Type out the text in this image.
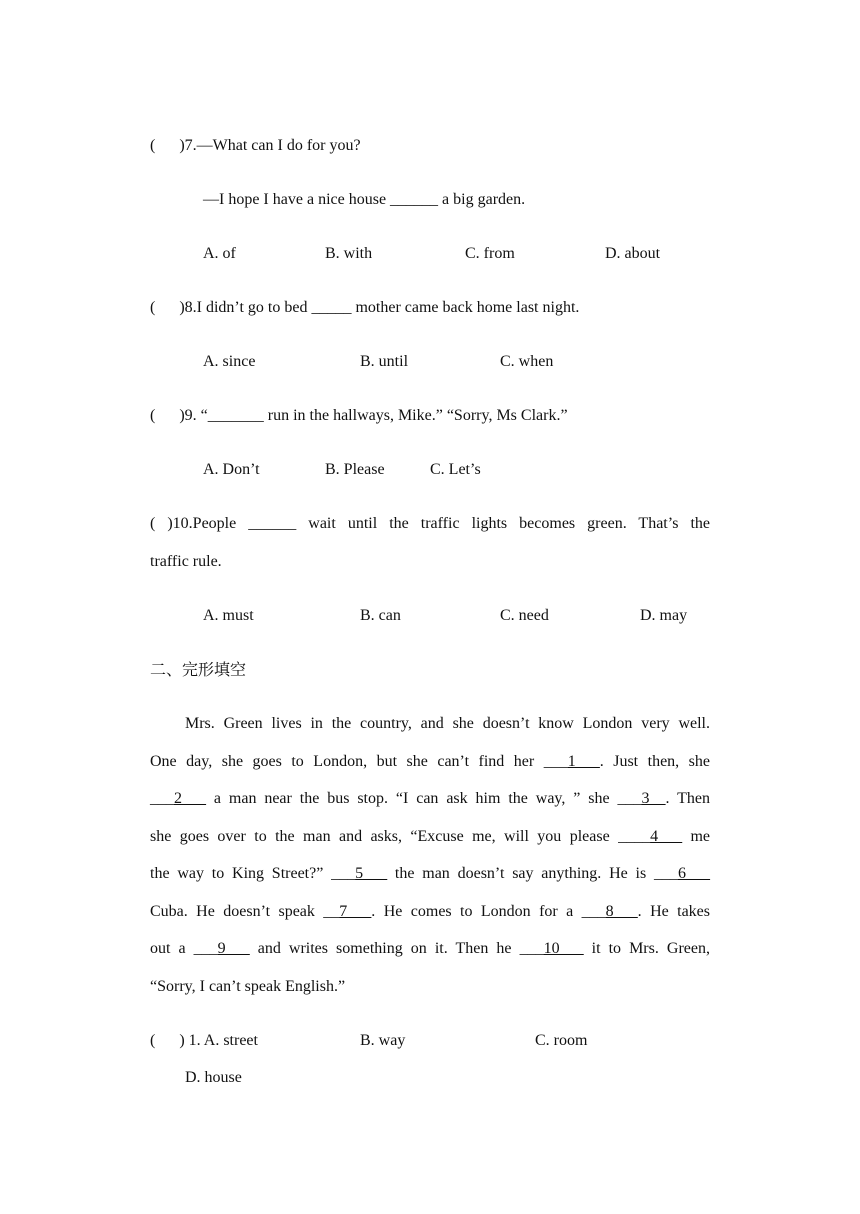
(      )7.—What can I do for you?
—I hope I have a nice house ______ a big garden.
A. of	B. with	C. from	D. about
(      )8.I didn’t go to bed _____ mother came back home last night.
A. since	B. until	C. when
(      )9. “_______ run in the hallways, Mike.” “Sorry, Ms Clark.”
A. Don’t	B. Please	C. Let’s
( )10.People ______ wait until the traffic lights becomes green. That’s the
traffic rule.
A. must	B. can	C. need	D. may
二、完形填空
Mrs. Green lives in the country, and she doesn’t know London very well.
One day, she goes to London, but she can’t find her ___1___. Just then, she
___2___ a man near the bus stop. “I can ask him the way, ” she ___3__. Then
she goes over to the man and asks, “Excuse me, will you please ____4___ me
the way to King Street?” ___5___ the man doesn’t say anything. He is ___6___
Cuba. He doesn’t speak __7___. He comes to London for a ___8___. He takes
out a ___9___ and writes something on it. Then he ___10___ it to Mrs. Green,
“Sorry, I can’t speak English.”
(      ) 1. A. street	B. way	C. room
D. house
